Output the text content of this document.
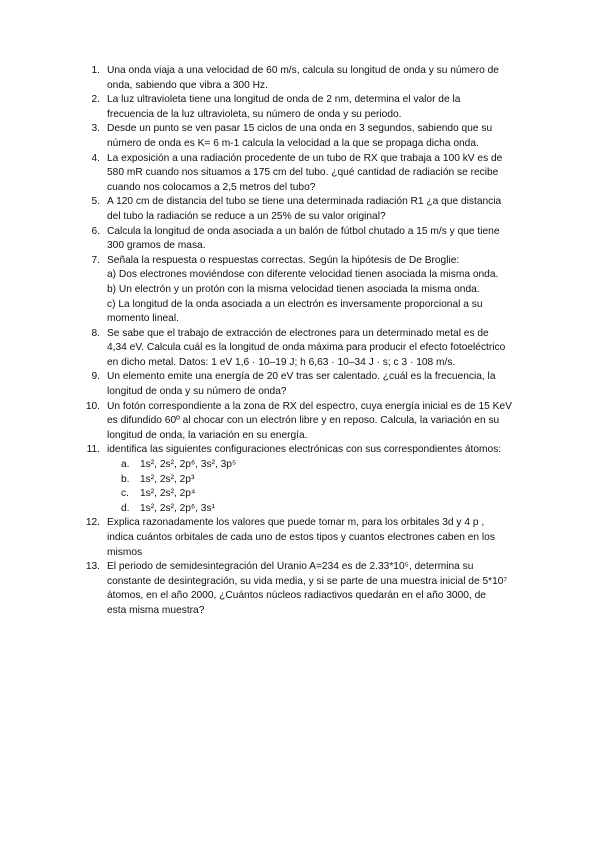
1. Una onda viaja a una velocidad de 60 m/s, calcula su longitud de onda y su número de
onda, sabiendo que vibra a 300 Hz.
2. La luz ultravioleta tiene una longitud de onda de 2 nm, determina el valor de la
frecuencia de la luz ultravioleta, su número de onda y su periodo.
3. Desde un punto se ven pasar 15 ciclos de una onda en 3 segundos, sabiendo que su
número de onda es K= 6 m-1 calcula la velocidad a la que se propaga dicha onda.
4. La exposición a una radiación procedente de un tubo de RX que trabaja a 100 kV es de
580 mR cuando nos situamos a 175 cm del tubo. ¿qué cantidad de radiación se recibe
cuando nos colocamos a 2,5 metros del tubo?
5. A 120 cm de distancia del tubo se tiene una determinada radiación R1 ¿a que distancia
del tubo la radiación se reduce a un 25% de su valor original?
6. Calcula la longitud de onda asociada a un balón de fútbol chutado a 15 m/s y que tiene
300 gramos de masa.
7. Señala la respuesta o respuestas correctas. Según la hipótesis de De Broglie:
a) Dos electrones moviéndose con diferente velocidad tienen asociada la misma onda.
b) Un electrón y un protón con la misma velocidad tienen asociada la misma onda.
c) La longitud de la onda asociada a un electrón es inversamente proporcional a su
momento lineal.
8. Se sabe que el trabajo de extracción de electrones para un determinado metal es de
4,34 eV. Calcula cuál es la longitud de onda máxima para producir el efecto fotoeléctrico
en dicho metal. Datos: 1 eV 1,6 · 10–19 J; h 6,63 · 10–34 J · s; c 3 · 108 m/s.
9. Un elemento emite una energía de 20 eV tras ser calentado. ¿cuál es la frecuencia, la
longitud de onda y su número de onda?
10. Un fotón correspondiente a la zona de RX del espectro, cuya energía inicial es de 15 KeV
es difundido 60º al chocar con un electrón libre y en reposo. Calcula, la variación en su
longitud de onda, la variación en su energía.
11. identifica las siguientes configuraciones electrónicas con sus correspondientes átomos:
a. 1s², 2s², 2p⁶, 3s², 3p⁵
b. 1s², 2s², 2p³
c. 1s², 2s², 2p⁴
d. 1s², 2s², 2p⁶, 3s¹
12. Explica razonadamente los valores que puede tomar m, para los orbitales 3d y 4 p ,
indica cuántos orbitales de cada uno de estos tipos y cuantos electrones caben en los
mismos
13. El periodo de semidesintegración del Uranio A=234 es de 2.33*10⁵, determina su
constante de desintegración, su vida media, y si se parte de una muestra inicial de 5*10⁷
átomos, en el año 2000, ¿Cuántos núcleos radiactivos quedarán en el año 3000, de
esta misma muestra?
